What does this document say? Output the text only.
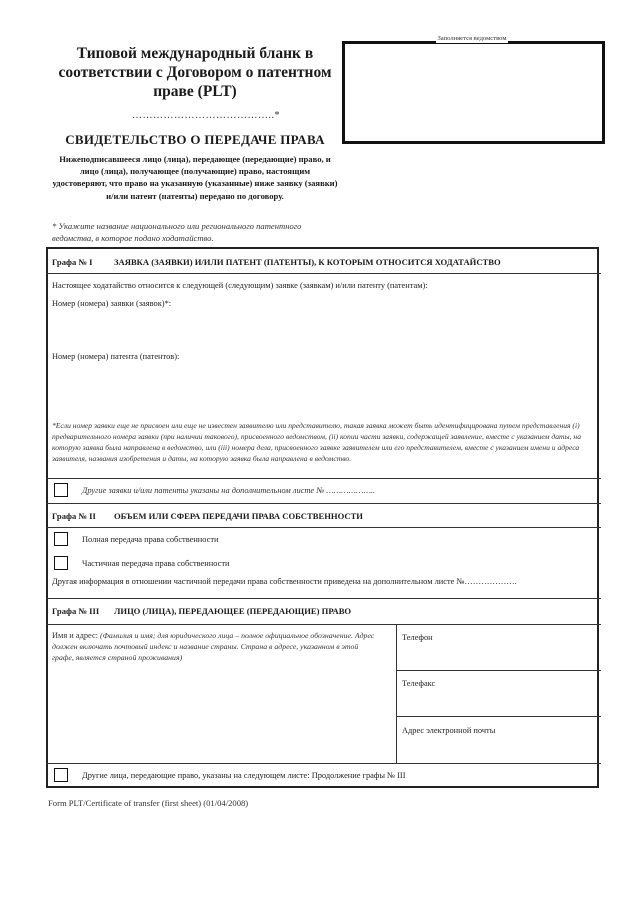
Типовой международный бланк в соответствии с Договором о патентном праве (PLT)
…………………………………..*
СВИДЕТЕЛЬСТВО О ПЕРЕДАЧЕ ПРАВА
Нижеподписавшееся лицо (лица), передающее (передающие) право, и лицо (лица), получающее (получающие) право, настоящим удостоверяют, что право на указанную (указанные) ниже заявку (заявки) и/или патент (патенты) передано по договору.
* Укажите название национального или регионального патентного ведомства, в которое подано ходатайство.
Заполняется ведомством
Графа № I ЗАЯВКА (ЗАЯВКИ) И/ИЛИ ПАТЕНТ (ПАТЕНТЫ), К КОТОРЫМ ОТНОСИТСЯ ХОДАТАЙСТВО
Настоящее ходатайство относится к следующей (следующим) заявке (заявкам) и/или патенту (патентам):
Номер (номера) заявки (заявок)*:
Номер (номера) патента (патентов):
*Если номер заявки еще не присвоен или еще не известен заявителю или представителю, такая заявка может быть идентифицирована путем представления (i) предварительного номера заявки (при наличии такового), присвоенного ведомством, (ii) копии части заявки, содержащей заявление, вместе с указанием даты, на которую заявка была направлена в ведомство, или (iii) номера дела, присвоенного заявке заявителем или его представителем, вместе с указанием имени и адреса заявителя, названия изобретения и даты, на которую заявка была направлена в ведомство.
Другие заявки и/или патенты указаны на дополнительном листе № ………………..
Графа № II ОБЪЕМ ИЛИ СФЕРА ПЕРЕДАЧИ ПРАВА СОБСТВЕННОСТИ
Полная передача права собственности
Частичная передача права собственности
Другая информация в отношении частичной передачи права собственности приведена на дополнительном листе №……………….
Графа № III ЛИЦО (ЛИЦА), ПЕРЕДАЮЩЕЕ (ПЕРЕДАЮЩИЕ) ПРАВО
Имя и адрес: (Фамилия и имя; для юридического лица – полное официальное обозначение. Адрес должен включать почтовый индекс и название страны. Страна в адресе, указанном в этой графе, является страной проживания)
Телефон
Телефакс
Адрес электронной почты
Другие лица, передающие право, указаны на следующем листе: Продолжение графы № III
Form PLT/Certificate of transfer (first sheet) (01/04/2008)
